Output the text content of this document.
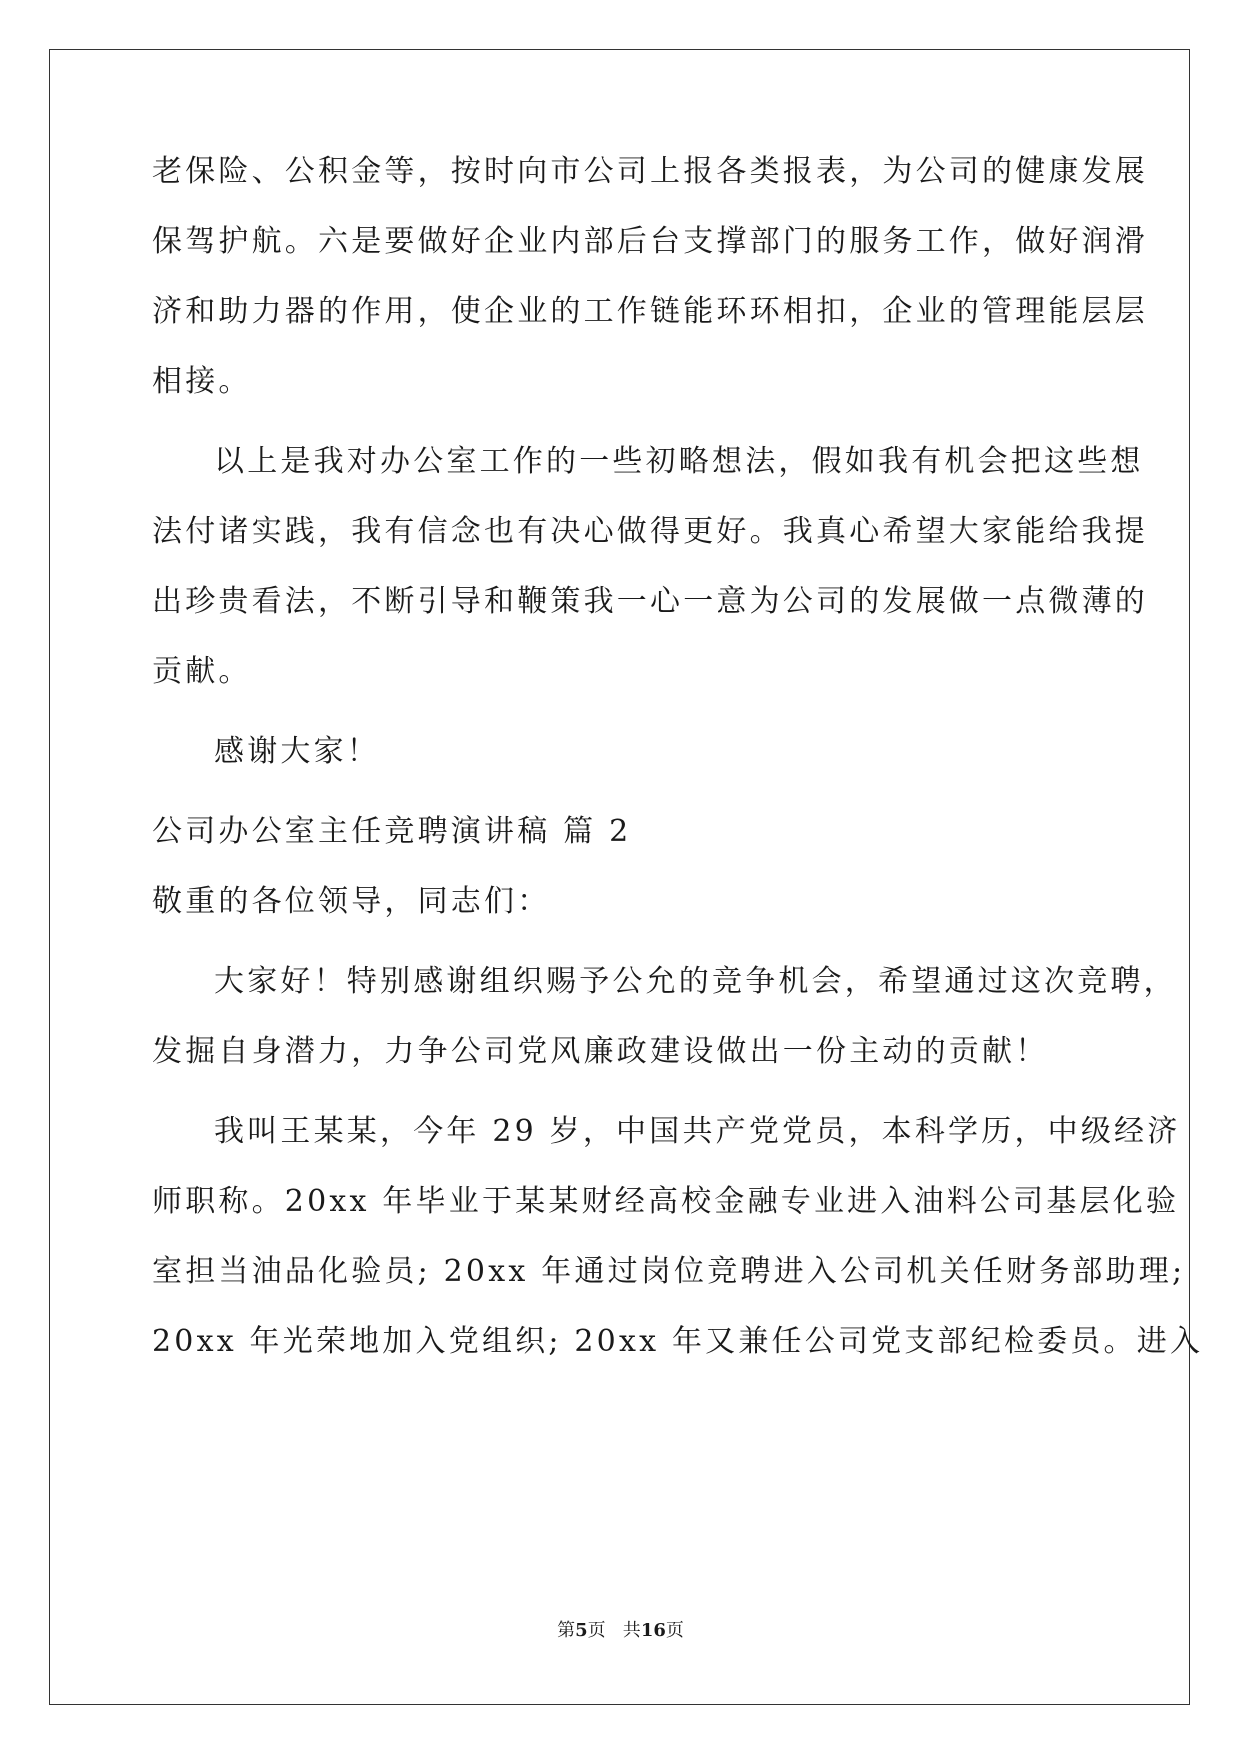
老保险、公积金等，按时向市公司上报各类报表，为公司的健康发展
保驾护航。六是要做好企业内部后台支撑部门的服务工作，做好润滑
济和助力器的作用，使企业的工作链能环环相扣，企业的管理能层层
相接。
以上是我对办公室工作的一些初略想法，假如我有机会把这些想
法付诸实践，我有信念也有决心做得更好。我真心希望大家能给我提
出珍贵看法，不断引导和鞭策我一心一意为公司的发展做一点微薄的
贡献。
感谢大家！
公司办公室主任竞聘演讲稿 篇 2
敬重的各位领导，同志们：
大家好！特别感谢组织赐予公允的竞争机会，希望通过这次竞聘，
发掘自身潜力，力争公司党风廉政建设做出一份主动的贡献！
我叫王某某，今年 29 岁，中国共产党党员，本科学历，中级经济
师职称。20xx 年毕业于某某财经高校金融专业进入油料公司基层化验
室担当油品化验员; 20xx 年通过岗位竞聘进入公司机关任财务部助理;
20xx 年光荣地加入党组织; 20xx 年又兼任公司党支部纪检委员。进入
第5页   共16页
